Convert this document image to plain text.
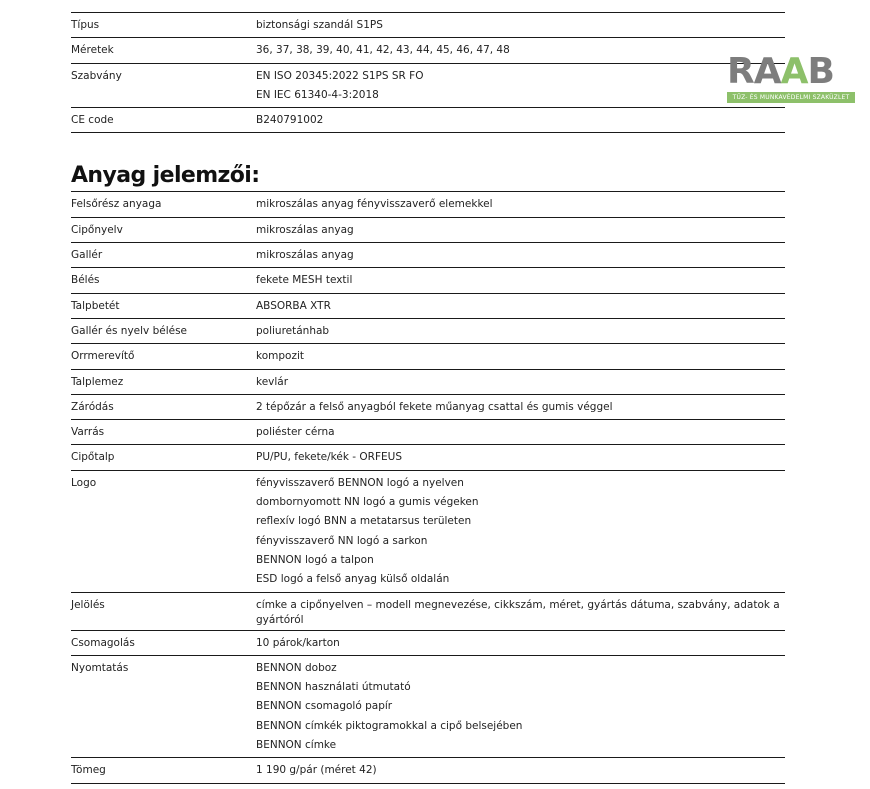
Típus	biztonsági szandál S1PS
Méretek	36, 37, 38, 39, 40, 41, 42, 43, 44, 45, 46, 47, 48
Szabvány	EN ISO 20345:2022 S1PS SR FO
EN IEC 61340-4-3:2018
CE code	B240791002
Anyag jelemzői:
Felsőrész anyaga	mikroszálas anyag fényvisszaverő elemekkel
Cipőnyelv	mikroszálas anyag
Gallér	mikroszálas anyag
Bélés	fekete MESH textil
Talpbetét	ABSORBA XTR
Gallér és nyelv bélése	poliuretánhab
Orrmerevítő	kompozit
Talplemez	kevlár
Záródás	2 tépőzár a felső anyagból fekete műanyag csattal és gumis véggel
Varrás	poliéster cérna
Cipőtalp	PU/PU, fekete/kék - ORFEUS
Logo	fényvisszaverő BENNON logó a nyelven
dombornyomott NN logó a gumis végeken
reflexív logó BNN a metatarsus területen
fényvisszaverő NN logó a sarkon
BENNON logó a talpon
ESD logó a felső anyag külső oldalán
Jelölés	címke a cipőnyelven – modell megnevezése, cikkszám, méret, gyártás dátuma, szabvány, adatok a gyártóról
Csomagolás	10 párok/karton
Nyomtatás	BENNON doboz
BENNON használati útmutató
BENNON csomagoló papír
BENNON címkék piktogramokkal a cipő belsejében
BENNON címke
Tömeg	1 190 g/pár (méret 42)
RAAB
TŰZ- ÉS MUNKAVÉDELMI SZAKÜZLET
